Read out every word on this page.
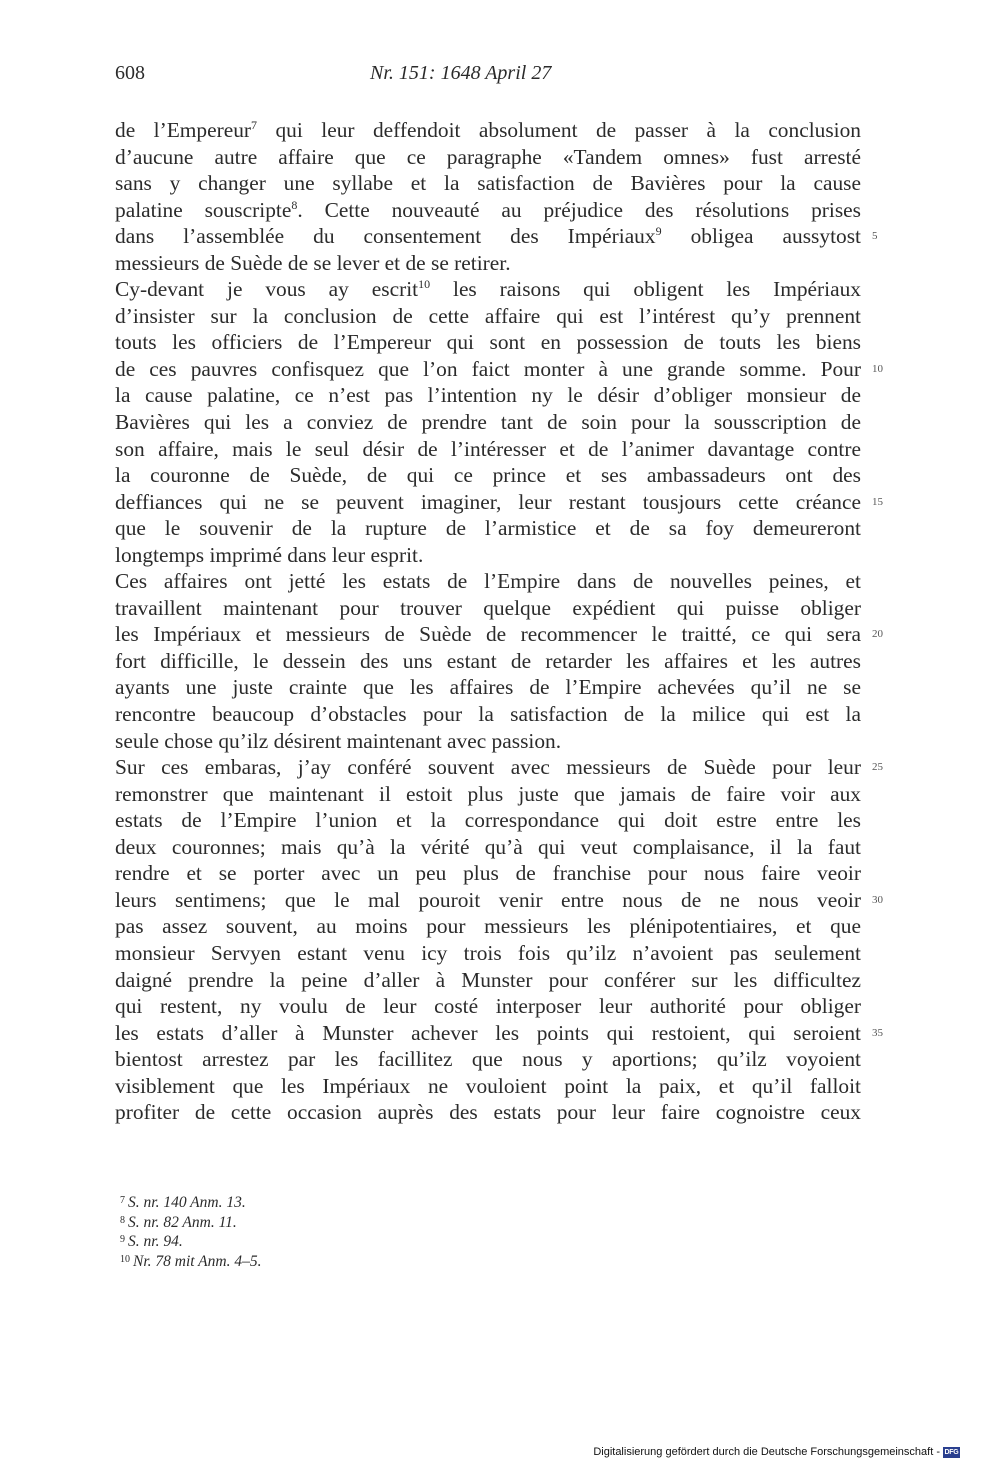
608	Nr. 151: 1648 April 27
de l’Empereur$^7$ qui leur deffendoit absolument de passer à la conclusion
d’aucune autre affaire que ce paragraphe «Tandem omnes» fust arresté
sans y changer une syllabe et la satisfaction de Bavières pour la cause
palatine souscripte$^8$. Cette nouveauté au préjudice des résolutions prises
dans l’assemblée du consentement des Impériaux$^9$ obligea aussytost 5
messieurs de Suède de se lever et de se retirer.
Cy-devant je vous ay escrit$^{10}$ les raisons qui obligent les Impériaux
d’insister sur la conclusion de cette affaire qui est l’intérest qu’y prennent
touts les officiers de l’Empereur qui sont en possession de touts les biens
de ces pauvres confisquez que l’on faict monter à une grande somme. Pour 10
la cause palatine, ce n’est pas l’intention ny le désir d’obliger monsieur de
Bavières qui les a conviez de prendre tant de soin pour la sousscription de
son affaire, mais le seul désir de l’intéresser et de l’animer davantage contre
la couronne de Suède, de qui ce prince et ses ambassadeurs ont des
deffiances qui ne se peuvent imaginer, leur restant tousjours cette créance 15
que le souvenir de la rupture de l’armistice et de sa foy demeureront
longtemps imprimé dans leur esprit.
Ces affaires ont jetté les estats de l’Empire dans de nouvelles peines, et
travaillent maintenant pour trouver quelque expédient qui puisse obliger
les Impériaux et messieurs de Suède de recommencer le traitté, ce qui sera 20
fort difficille, le dessein des uns estant de retarder les affaires et les autres
ayants une juste crainte que les affaires de l’Empire achevées qu’il ne se
rencontre beaucoup d’obstacles pour la satisfaction de la milice qui est la
seule chose qu’ilz désirent maintenant avec passion.
Sur ces embaras, j’ay conféré souvent avec messieurs de Suède pour leur 25
remonstrer que maintenant il estoit plus juste que jamais de faire voir aux
estats de l’Empire l’union et la correspondance qui doit estre entre les
deux couronnes; mais qu’à la vérité qu’à qui veut complaisance, il la faut
rendre et se porter avec un peu plus de franchise pour nous faire veoir
leurs sentimens; que le mal pouroit venir entre nous de ne nous veoir 30
pas assez souvent, au moins pour messieurs les plénipotentiaires, et que
monsieur Servyen estant venu icy trois fois qu’ilz n’avoient pas seulement
daigné prendre la peine d’aller à Munster pour conférer sur les difficultez
qui restent, ny voulu de leur costé interposer leur authorité pour obliger
les estats d’aller à Munster achever les points qui restoient, qui seroient 35
bientost arrestez par les facillitez que nous y aportions; qu’ilz voyoient
visiblement que les Impériaux ne vouloient point la paix, et qu’il falloit
profiter de cette occasion auprès des estats pour leur faire cognoistre ceux
$^7$ S. nr. 140 Anm. 13.
$^8$ S. nr. 82 Anm. 11.
$^9$ S. nr. 94.
$^{10}$ Nr. 78 mit Anm. 4–5.
Digitalisierung gefördert durch die Deutsche Forschungsgemeinschaft - DFG
